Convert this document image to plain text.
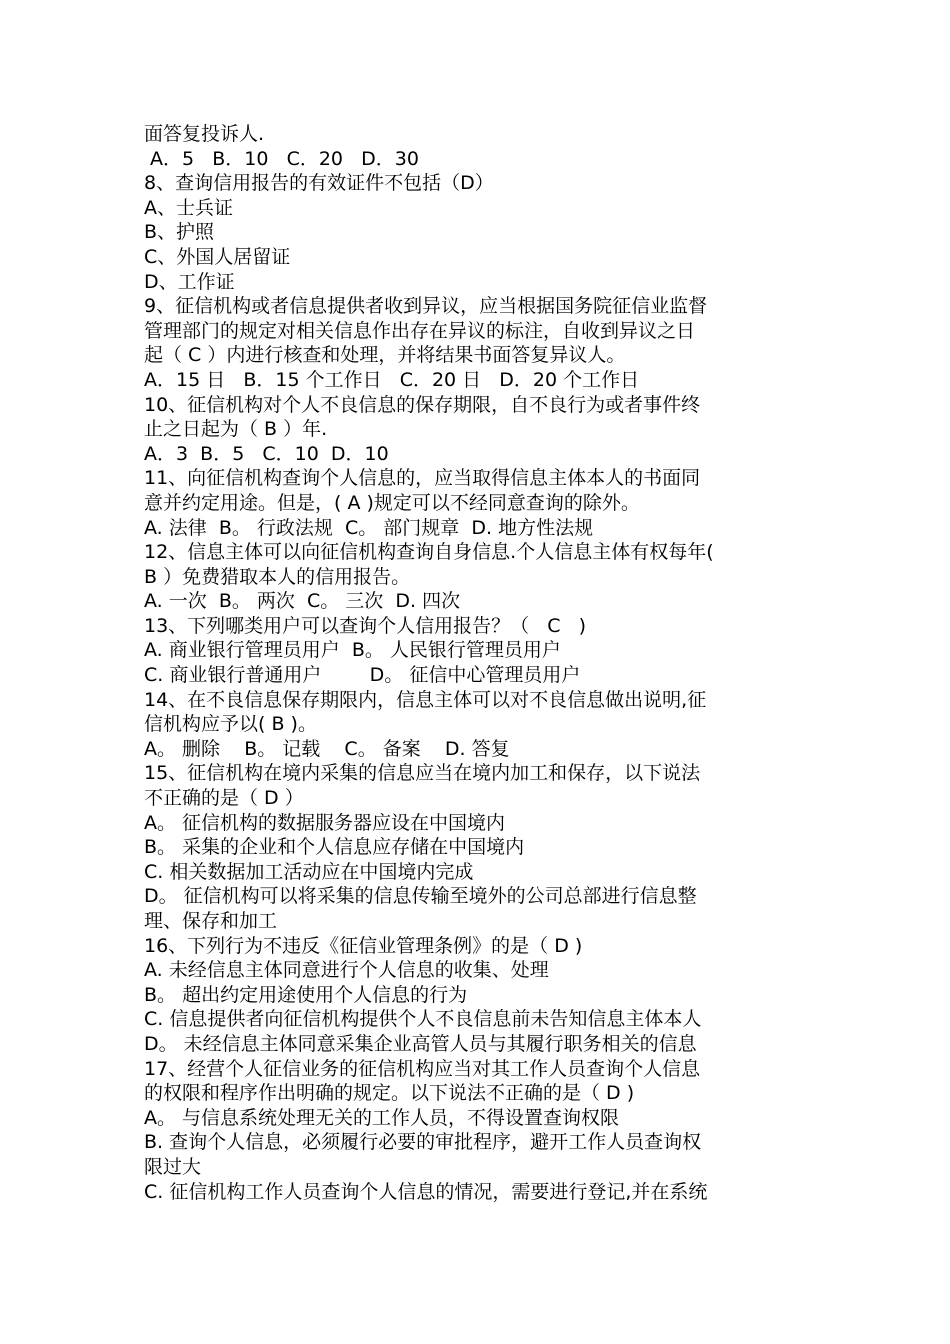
面答复投诉人.
A．5   B．10   C．20   D．30
8、查询信用报告的有效证件不包括（D）
A、士兵证
B、护照
C、外国人居留证
D、工作证
9、征信机构或者信息提供者收到异议，应当根据国务院征信业监督
管理部门的规定对相关信息作出存在异议的标注，自收到异议之日
起（ C ）内进行核查和处理，并将结果书面答复异议人。
A．15 日   B．15 个工作日   C．20 日   D．20 个工作日
10、征信机构对个人不良信息的保存期限，自不良行为或者事件终
止之日起为（ B ）年.
A．3  B．5   C．10  D．10
11、向征信机构查询个人信息的，应当取得信息主体本人的书面同
意并约定用途。但是，( A )规定可以不经同意查询的除外。
A. 法律  B。 行政法规  C。 部门规章  D. 地方性法规
12、信息主体可以向征信机构查询自身信息.个人信息主体有权每年(
B ）免费猎取本人的信用报告。
A. 一次  B。 两次  C。 三次  D. 四次
13、下列哪类用户可以查询个人信用报告？（   C   )
A. 商业银行管理员用户  B。 人民银行管理员用户
C. 商业银行普通用户        D。 征信中心管理员用户
14、在不良信息保存期限内，信息主体可以对不良信息做出说明,征
信机构应予以( B )。
A。 删除    B。 记载    C。 备案    D. 答复
15、征信机构在境内采集的信息应当在境内加工和保存，以下说法
不正确的是（ D ）
A。 征信机构的数据服务器应设在中国境内
B。 采集的企业和个人信息应存储在中国境内
C. 相关数据加工活动应在中国境内完成
D。 征信机构可以将采集的信息传输至境外的公司总部进行信息整
理、保存和加工
16、下列行为不违反《征信业管理条例》的是（ D )
A. 未经信息主体同意进行个人信息的收集、处理
B。 超出约定用途使用个人信息的行为
C. 信息提供者向征信机构提供个人不良信息前未告知信息主体本人
D。 未经信息主体同意采集企业高管人员与其履行职务相关的信息
17、经营个人征信业务的征信机构应当对其工作人员查询个人信息
的权限和程序作出明确的规定。以下说法不正确的是（ D )
A。 与信息系统处理无关的工作人员，不得设置查询权限
B. 查询个人信息，必须履行必要的审批程序，避开工作人员查询权
限过大
C. 征信机构工作人员查询个人信息的情况，需要进行登记,并在系统
